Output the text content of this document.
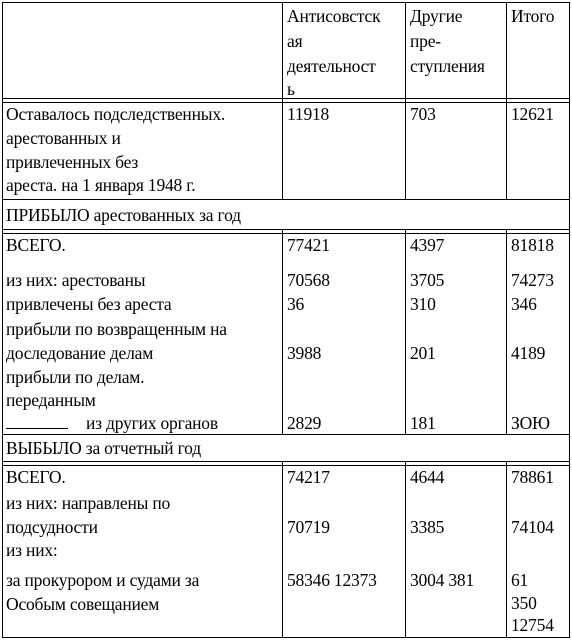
Антисовстск
ая
деятельност
ь
Другие
пре-
ступления
Итого
Оставалось подследственных.
арестованных и
привлеченных без
ареста. на 1 января 1948 г.
11918	703	12621
ПРИБЫЛО арестованных за год
ВСЕГО.
из них: арестованы
привлечены без ареста
прибыли по возвращенным на
доследование делам
прибыли по делам.
переданным
из других органов
77421
70568
36
3988
2829
4397
3705
310
201
181
81818
74273
346
4189
ЗОЮ
ВЫБЫЛО за отчетный год
ВСЕГО.
из них: направлены по
подсудности
из них:
за прокурором и судами за
Особым совещанием
74217
70719
58346 12373
4644
3385
3004 381
78861
74104
61
350
12754
